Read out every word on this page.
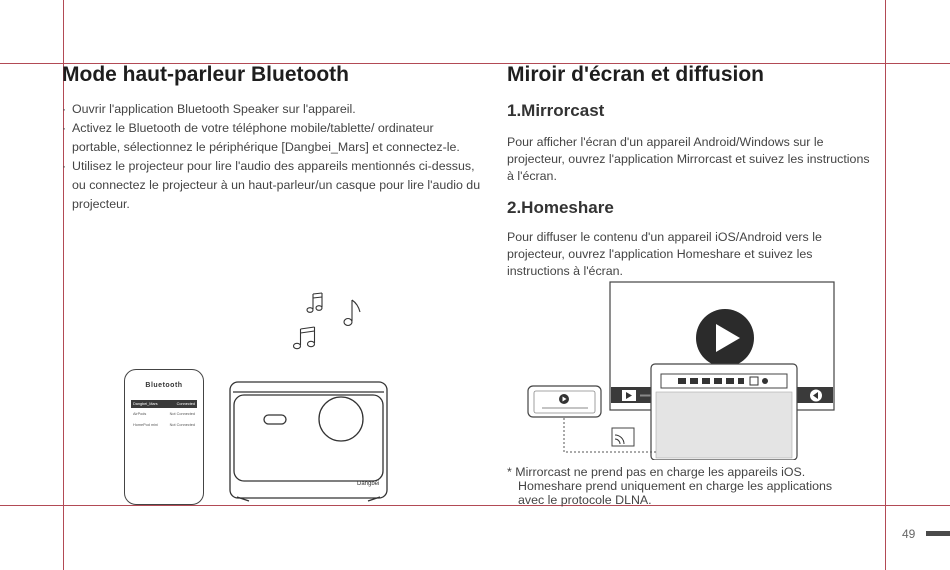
Mode haut-parleur Bluetooth
· Ouvrir l'application Bluetooth Speaker sur l'appareil.
· Activez le Bluetooth de votre téléphone mobile/tablette/ ordinateur portable, sélectionnez le périphérique [Dangbei_Mars] et connectez-le.
· Utilisez le projecteur pour lire l'audio des appareils mentionnés ci-dessus, ou connectez le projecteur à un haut-parleur/un casque pour lire l'audio du projecteur.
Bluetooth
Dangbei_Mars	Connected
AirPods	Not Connected
HomePod mini	Not Connected
Dangbei
Miroir d'écran et diffusion
1.Mirrorcast

Pour afficher l'écran d'un appareil Android/Windows sur le projecteur, ouvrez l'application Mirrorcast et suivez les instructions à l'écran.

2.Homeshare

Pour diffuser le contenu d'un appareil iOS/Android vers le projecteur, ouvrez l'application Homeshare et suivez les instructions à l'écran.

* Mirrorcast ne prend pas en charge les appareils iOS.
Homeshare prend uniquement en charge les applications
avec le protocole DLNA.

49
